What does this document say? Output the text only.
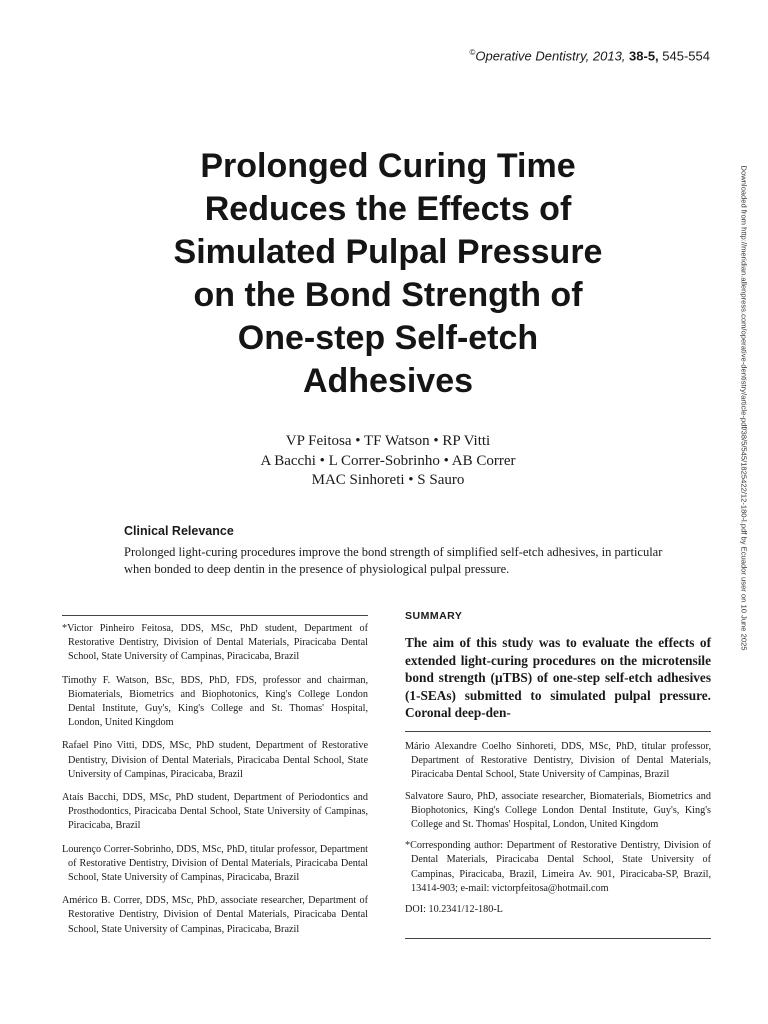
©Operative Dentistry, 2013, 38-5, 545-554
Prolonged Curing Time
Reduces the Effects of
Simulated Pulpal Pressure
on the Bond Strength of
One-step Self-etch
Adhesives
VP Feitosa • TF Watson • RP Vitti
A Bacchi • L Correr-Sobrinho • AB Correr
MAC Sinhoreti • S Sauro
Clinical Relevance
Prolonged light-curing procedures improve the bond strength of simplified self-etch adhesives, in particular when bonded to deep dentin in the presence of physiological pulpal pressure.

*Victor Pinheiro Feitosa, DDS, MSc, PhD student, Department of Restorative Dentistry, Division of Dental Materials, Piracicaba Dental School, State University of Campinas, Piracicaba, Brazil

Timothy F. Watson, BSc, BDS, PhD, FDS, professor and chairman, Biomaterials, Biometrics and Biophotonics, King's College London Dental Institute, Guy's, King's College and St. Thomas' Hospital, London, United Kingdom

Rafael Pino Vitti, DDS, MSc, PhD student, Department of Restorative Dentistry, Division of Dental Materials, Piracicaba Dental School, State University of Campinas, Piracicaba, Brazil

Ataís Bacchi, DDS, MSc, PhD student, Department of Periodontics and Prosthodontics, Piracicaba Dental School, State University of Campinas, Piracicaba, Brazil

Lourenço Correr-Sobrinho, DDS, MSc, PhD, titular professor, Department of Restorative Dentistry, Division of Dental Materials, Piracicaba Dental School, State University of Campinas, Piracicaba, Brazil

Américo B. Correr, DDS, MSc, PhD, associate researcher, Department of Restorative Dentistry, Division of Dental Materials, Piracicaba Dental School, State University of Campinas, Piracicaba, Brazil

SUMMARY
The aim of this study was to evaluate the effects of extended light-curing procedures on the microtensile bond strength (µTBS) of one-step self-etch adhesives (1-SEAs) submitted to simulated pulpal pressure. Coronal deep-den-

Mário Alexandre Coelho Sinhoreti, DDS, MSc, PhD, titular professor, Department of Restorative Dentistry, Division of Dental Materials, Piracicaba Dental School, State University of Campinas, Brazil

Salvatore Sauro, PhD, associate researcher, Biomaterials, Biometrics and Biophotonics, King's College London Dental Institute, Guy's, King's College and St. Thomas' Hospital, London, United Kingdom

*Corresponding author: Department of Restorative Dentistry, Division of Dental Materials, Piracicaba Dental School, State University of Campinas, Piracicaba, Brazil, Limeira Av. 901, Piracicaba-SP, Brazil, 13414-903; e-mail: victorpfeitosa@hotmail.com

DOI: 10.2341/12-180-L

Downloaded from http://meridian.allenpress.com/operative-dentistry/article-pdf/38/5/545/1825422/12-180-l.pdf by Ecuador user on 10 June 2025
